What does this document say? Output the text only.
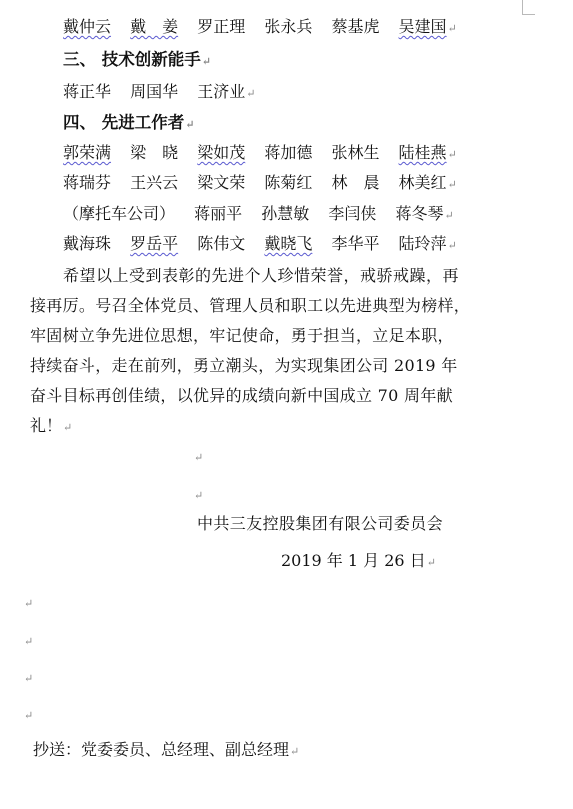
戴仲云 戴　姜 罗正理 张永兵 蔡基虎 吴建国↵
三、 技术创新能手↵
蒋正华 周国华 王济业↵
四、 先进工作者↵
郭荣满 梁　晓 梁如茂 蒋加德 张林生 陆桂燕↵
蒋瑞芬 王兴云 梁文荣 陈菊红 林　晨 林美红↵
（摩托车公司） 蒋丽平 孙慧敏 李闫侠 蒋冬琴↵
戴海珠 罗岳平 陈伟文 戴晓飞 李华平 陆玲萍↵
希望以上受到表彰的先进个人珍惜荣誉，戒骄戒躁，再
接再厉。号召全体党员、管理人员和职工以先进典型为榜样，
牢固树立争先进位思想，牢记使命，勇于担当，立足本职，
持续奋斗，走在前列，勇立潮头，为实现集团公司 2019 年
奋斗目标再创佳绩，以优异的成绩向新中国成立 70 周年献
礼！↵
↵
↵
中共三友控股集团有限公司委员会
2019 年 1 月 26 日↵
↵
↵
↵
↵
抄送：党委委员、总经理、副总经理↵
